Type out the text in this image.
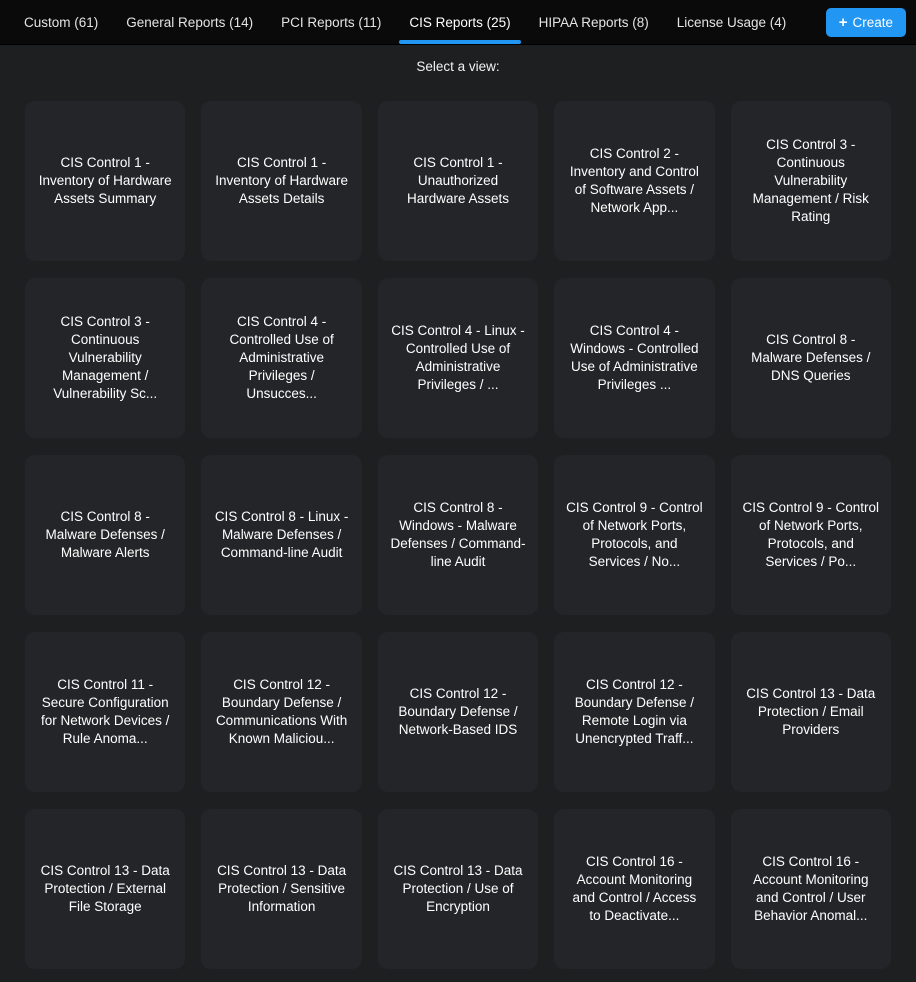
Custom (61) General Reports (14) PCI Reports (11) CIS Reports (25) HIPAA Reports (8) License Usage (4)	+ Create
Select a view:
CIS Control 1 - Inventory of Hardware Assets Summary
CIS Control 1 - Inventory of Hardware Assets Details
CIS Control 1 - Unauthorized Hardware Assets
CIS Control 2 - Inventory and Control of Software Assets / Network App...
CIS Control 3 - Continuous Vulnerability Management / Risk Rating
CIS Control 3 - Continuous Vulnerability Management / Vulnerability Sc...
CIS Control 4 - Controlled Use of Administrative Privileges / Unsucces...
CIS Control 4 - Linux - Controlled Use of Administrative Privileges / ...
CIS Control 4 - Windows - Controlled Use of Administrative Privileges ...
CIS Control 8 - Malware Defenses / DNS Queries
CIS Control 8 - Malware Defenses / Malware Alerts
CIS Control 8 - Linux - Malware Defenses / Command-line Audit
CIS Control 8 - Windows - Malware Defenses / Command-line Audit
CIS Control 9 - Control of Network Ports, Protocols, and Services / No...
CIS Control 9 - Control of Network Ports, Protocols, and Services / Po...
CIS Control 11 - Secure Configuration for Network Devices / Rule Anoma...
CIS Control 12 - Boundary Defense / Communications With Known Maliciou...
CIS Control 12 - Boundary Defense / Network-Based IDS
CIS Control 12 - Boundary Defense / Remote Login via Unencrypted Traff...
CIS Control 13 - Data Protection / Email Providers
CIS Control 13 - Data Protection / External File Storage
CIS Control 13 - Data Protection / Sensitive Information
CIS Control 13 - Data Protection / Use of Encryption
CIS Control 16 - Account Monitoring and Control / Access to Deactivate...
CIS Control 16 - Account Monitoring and Control / User Behavior Anomal...
